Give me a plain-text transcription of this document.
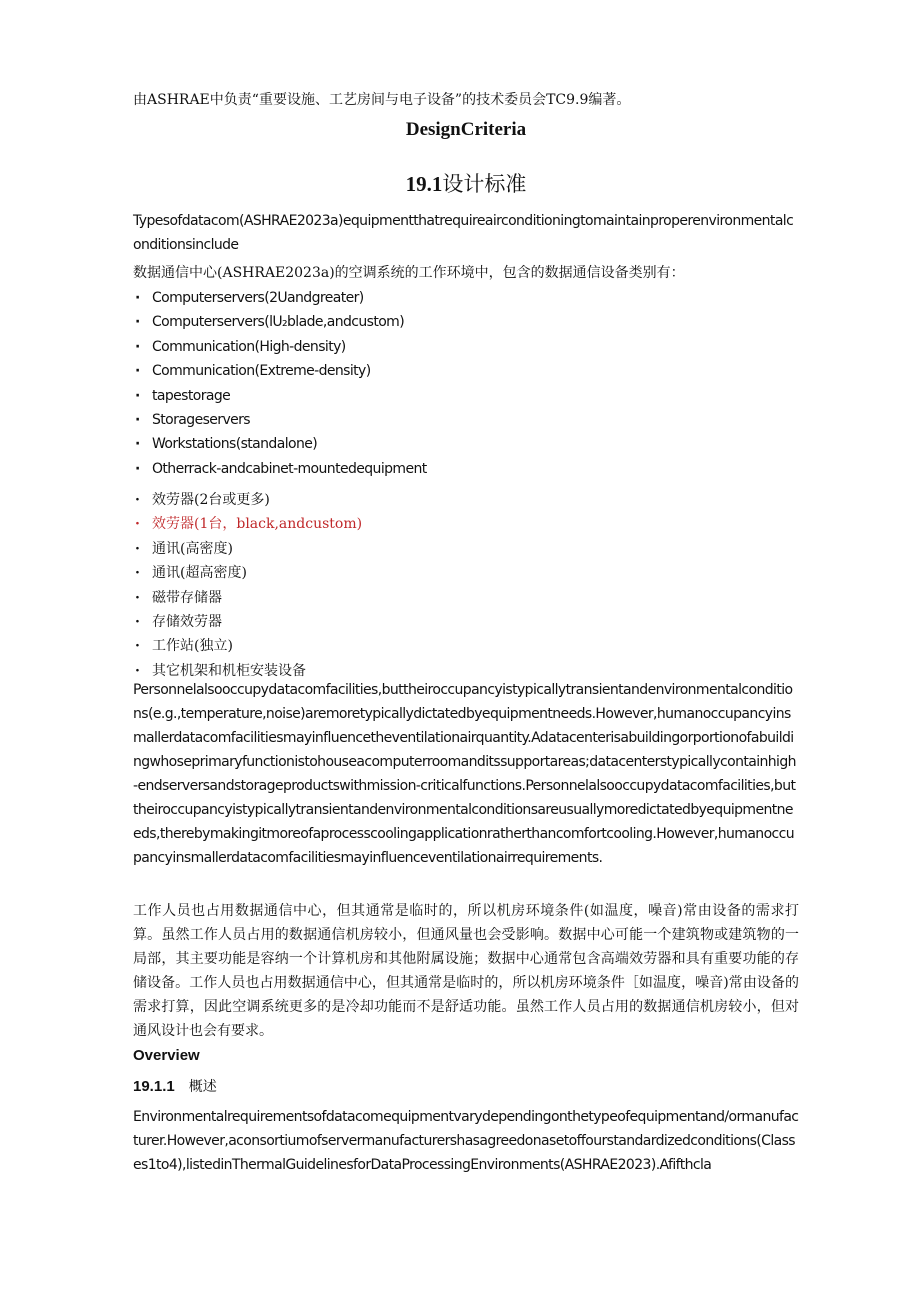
由ASHRAE中负责“重要设施、工艺房间与电子设备”的技术委员会TC9.9编著。
DesignCriteria
19.1设计标准
Typesofdatacom(ASHRAE2023a)equipmentthatrequireairconditioningtomaintainproperenvironmentalconditionsinclude
数据通信中心(ASHRAE2023a)的空调系统的工作环境中，包含的数据通信设备类别有：
· Computerservers(2Uandgreater)
· Computerservers(lU₂blade,andcustom)
· Communication(High-density)
· Communication(Extreme-density)
· tapestorage
· Storageservers
· Workstations(standalone)
· Otherrack-andcabinet-mountedequipment
· 效劳器(2台或更多)
· 效劳器(1台，black,andcustom)
· 通讯(高密度)
· 通讯(超高密度)
· 磁带存储器
· 存储效劳器
· 工作站(独立)
· 其它机架和机柜安装设备
Personnelalsooccupydatacomfacilities,buttheiroccupancyistypicallytransientandenvironmentalconditions(e.g.,temperature,noise)aremoretypicallydictatedbyequipmentneeds.However,humanoccupancyinsmallerdatacomfacilitiesmayinfluencetheventilationairquantity.Adatacenterisabuildingorportionofabuildingwhoseprimaryfunctionistohouseacomputerroomanditssupportareas;datacenterstypicallycontainhigh-endserversandstorageproductswithmission-criticalfunctions.Personnelalsooccupydatacomfacilities,buttheiroccupancyistypicallytransientandenvironmentalconditionsareusuallymoredictatedbyequipmentneeds,therebymakingitmoreofaprocesscoolingapplicationratherthancomfortcooling.However,humanoccupancyinsmallerdatacomfacilitiesmayinfluenceventilationairrequirements.
工作人员也占用数据通信中心，但其通常是临时的，所以机房环境条件(如温度，噪音)常由设备的需求打算。虽然工作人员占用的数据通信机房较小，但通风量也会受影响。数据中心可能一个建筑物或建筑物的一局部，其主要功能是容纳一个计算机房和其他附属设施；数据中心通常包含高端效劳器和具有重要功能的存储设备。工作人员也占用数据通信中心，但其通常是临时的，所以机房环境条件［如温度，噪音)常由设备的需求打算，因此空调系统更多的是冷却功能而不是舒适功能。虽然工作人员占用的数据通信机房较小，但对通风设计也会有要求。
Overview
19.1.1 概述
Environmentalrequirementsofdatacomequipmentvarydependingonthetypeofequipmentand/ormanufacturer.However,aconsortiumofservermanufacturershasagreedonasetoffourstandardizedconditions(Classes1to4),listedinThermalGuidelinesforDataProcessingEnvironments(ASHRAE2023).Afifthcla
